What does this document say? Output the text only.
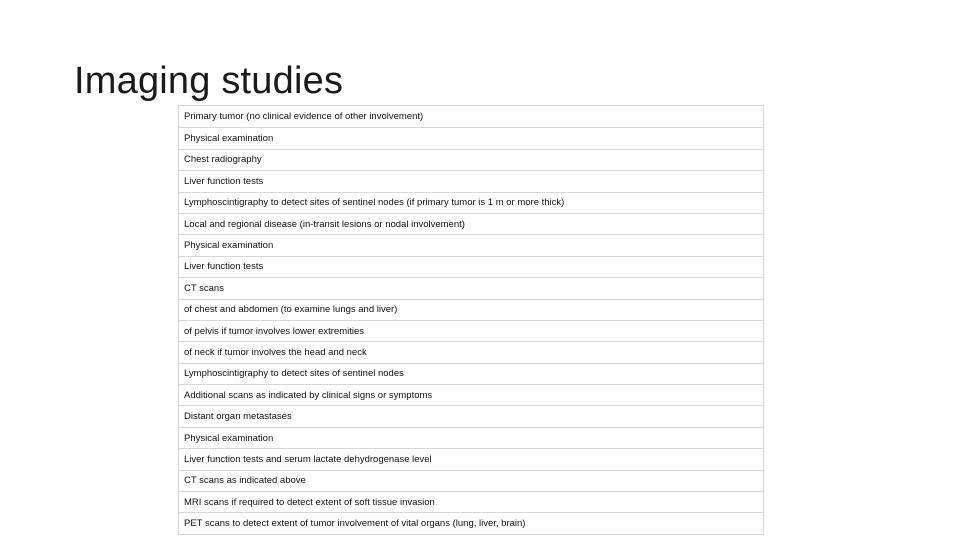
Imaging studies
Primary tumor (no clinical evidence of other involvement)
Physical examination
Chest radiography
Liver function tests
Lymphoscintigraphy to detect sites of sentinel nodes (if primary tumor is 1 m or more thick)
Local and regional disease (in-transit lesions or nodal involvement)
Physical examination
Liver function tests
CT scans
of chest and abdomen (to examine lungs and liver)
of pelvis if tumor involves lower extremities
of neck if tumor involves the head and neck
Lymphoscintigraphy to detect sites of sentinel nodes
Additional scans as indicated by clinical signs or symptoms
Distant organ metastases
Physical examination
Liver function tests and serum lactate dehydrogenase level
CT scans as indicated above
MRI scans if required to detect extent of soft tissue invasion
PET scans to detect extent of tumor involvement of vital organs (lung, liver, brain)
